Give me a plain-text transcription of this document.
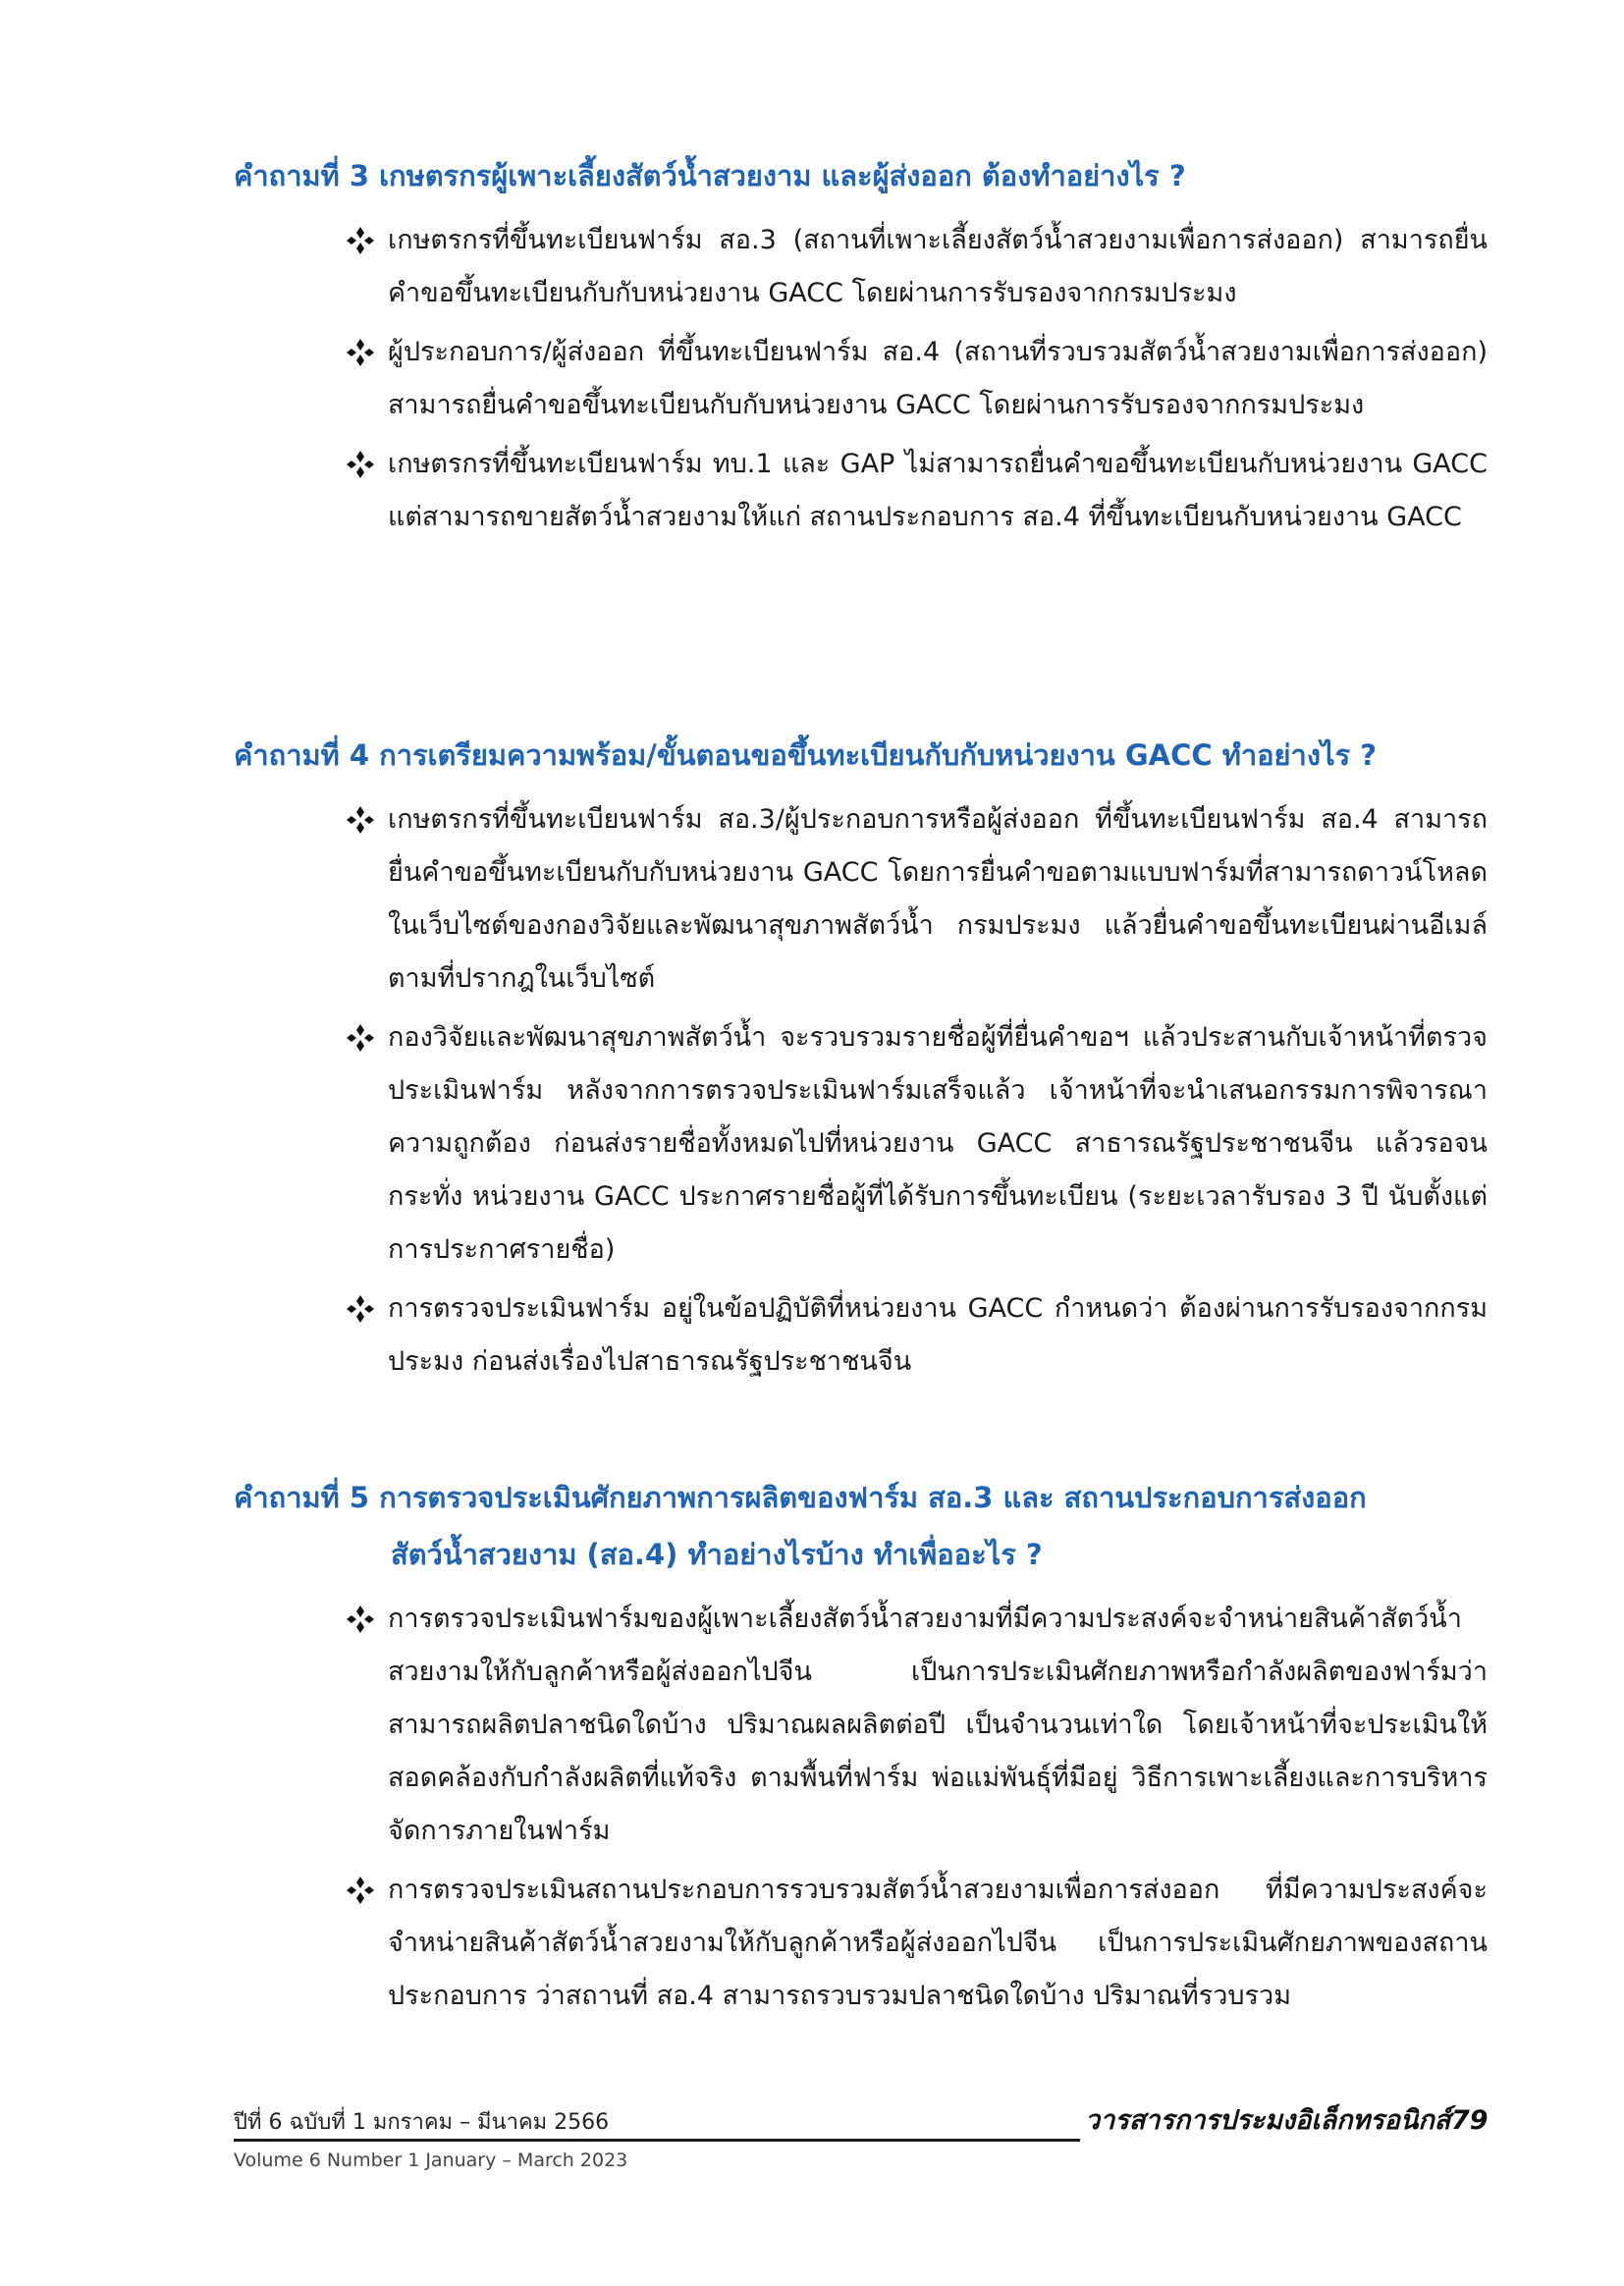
คำถามที่ 3 เกษตรกรผู้เพาะเลี้ยงสัตว์น้ำสวยงาม และผู้ส่งออก ต้องทำอย่างไร ?
เกษตรกรที่ขึ้นทะเบียนฟาร์ม สอ.3 (สถานที่เพาะเลี้ยงสัตว์น้ำสวยงามเพื่อการส่งออก) สามารถยื่นคำขอขึ้นทะเบียนกับกับหน่วยงาน GACC โดยผ่านการรับรองจากกรมประมง
ผู้ประกอบการ/ผู้ส่งออก ที่ขึ้นทะเบียนฟาร์ม สอ.4 (สถานที่รวบรวมสัตว์น้ำสวยงามเพื่อการส่งออก) สามารถยื่นคำขอขึ้นทะเบียนกับกับหน่วยงาน GACC โดยผ่านการรับรองจากกรมประมง
เกษตรกรที่ขึ้นทะเบียนฟาร์ม ทบ.1 และ GAP ไม่สามารถยื่นคำขอขึ้นทะเบียนกับหน่วยงาน GACC แต่สามารถขายสัตว์น้ำสวยงามให้แก่ สถานประกอบการ สอ.4 ที่ขึ้นทะเบียนกับหน่วยงาน GACC
คำถามที่ 4 การเตรียมความพร้อม/ขั้นตอนขอขึ้นทะเบียนกับกับหน่วยงาน GACC ทำอย่างไร ?
เกษตรกรที่ขึ้นทะเบียนฟาร์ม สอ.3/ผู้ประกอบการหรือผู้ส่งออก ที่ขึ้นทะเบียนฟาร์ม สอ.4 สามารถยื่นคำขอขึ้นทะเบียนกับกับหน่วยงาน GACC โดยการยื่นคำขอตามแบบฟาร์มที่สามารถดาวน์โหลดในเว็บไซต์ของกองวิจัยและพัฒนาสุขภาพสัตว์น้ำ กรมประมง แล้วยื่นคำขอขึ้นทะเบียนผ่านอีเมล์ตามที่ปรากฎในเว็บไซต์
กองวิจัยและพัฒนาสุขภาพสัตว์น้ำ จะรวบรวมรายชื่อผู้ที่ยื่นคำขอฯ แล้วประสานกับเจ้าหน้าที่ตรวจประเมินฟาร์ม หลังจากการตรวจประเมินฟาร์มเสร็จแล้ว เจ้าหน้าที่จะนำเสนอกรรมการพิจารณาความถูกต้อง ก่อนส่งรายชื่อทั้งหมดไปที่หน่วยงาน GACC สาธารณรัฐประชาชนจีน แล้วรอจนกระทั่ง หน่วยงาน GACC ประกาศรายชื่อผู้ที่ได้รับการขึ้นทะเบียน (ระยะเวลารับรอง 3 ปี นับตั้งแต่การประกาศรายชื่อ)
การตรวจประเมินฟาร์ม อยู่ในข้อปฏิบัติที่หน่วยงาน GACC กำหนดว่า ต้องผ่านการรับรองจากกรมประมง ก่อนส่งเรื่องไปสาธารณรัฐประชาชนจีน
คำถามที่ 5 การตรวจประเมินศักยภาพการผลิตของฟาร์ม สอ.3 และ สถานประกอบการส่งออก
สัตว์น้ำสวยงาม (สอ.4) ทำอย่างไรบ้าง ทำเพื่ออะไร ?
การตรวจประเมินฟาร์มของผู้เพาะเลี้ยงสัตว์น้ำสวยงามที่มีความประสงค์จะจำหน่ายสินค้าสัตว์น้ำสวยงามให้กับลูกค้าหรือผู้ส่งออกไปจีน เป็นการประเมินศักยภาพหรือกำลังผลิตของฟาร์มว่าสามารถผลิตปลาชนิดใดบ้าง ปริมาณผลผลิตต่อปี เป็นจำนวนเท่าใด โดยเจ้าหน้าที่จะประเมินให้สอดคล้องกับกำลังผลิตที่แท้จริง ตามพื้นที่ฟาร์ม พ่อแม่พันธุ์ที่มีอยู่ วิธีการเพาะเลี้ยงและการบริหารจัดการภายในฟาร์ม
การตรวจประเมินสถานประกอบการรวบรวมสัตว์น้ำสวยงามเพื่อการส่งออก ที่มีความประสงค์จะจำหน่ายสินค้าสัตว์น้ำสวยงามให้กับลูกค้าหรือผู้ส่งออกไปจีน เป็นการประเมินศักยภาพของสถานประกอบการ ว่าสถานที่ สอ.4 สามารถรวบรวมปลาชนิดใดบ้าง ปริมาณที่รวบรวม
ปีที่ 6 ฉบับที่ 1 มกราคม – มีนาคม 2566
Volume 6 Number 1 January – March 2023
วารสารการประมงอิเล็กทรอนิกส์ 79
